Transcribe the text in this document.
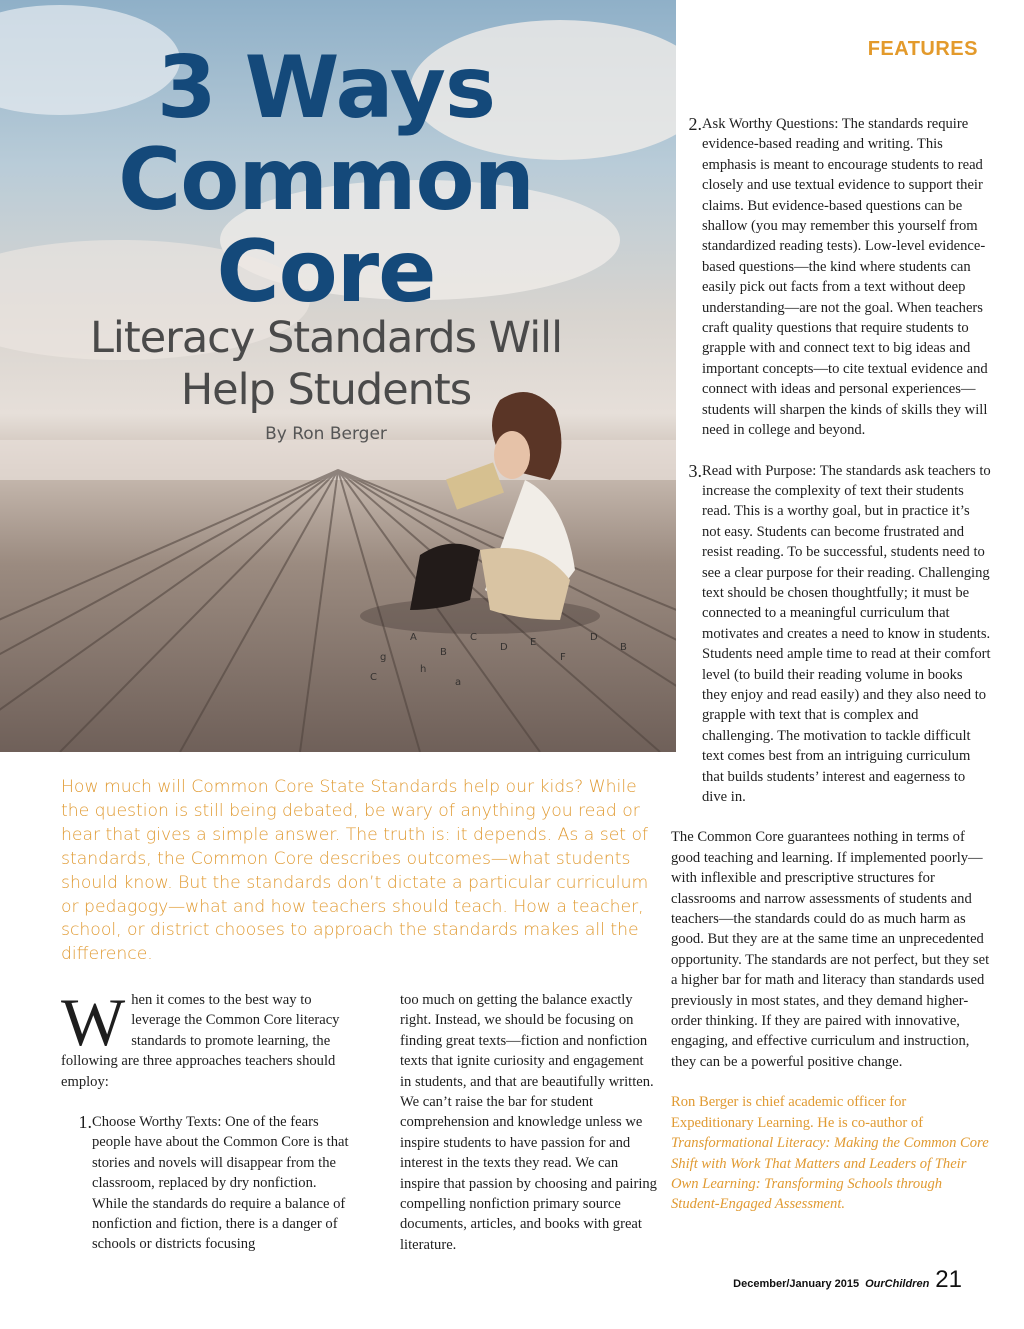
A
B
C
D E
F
g
h
a
D
B
C
3 Ways
Common
Core
Literacy Standards Will
Help Students
By Ron Berger
FEATURES
How much will Common Core State Standards help our kids? While the question is still being debated, be wary of anything you read or hear that gives a simple answer. The truth is: it depends. As a set of standards, the Common Core describes outcomes—what students should know. But the standards don’t dictate a particular curriculum or pedagogy—what and how teachers should teach. How a teacher, school, or district chooses to approach the standards makes all the difference.

When it comes to the best way to leverage the Common Core literacy standards to promote learning, the following are three approaches teachers should employ:

1. Choose Worthy Texts: One of the fears people have about the Common Core is that stories and novels will disappear from the classroom, replaced by dry nonfiction. While the standards do require a balance of nonfiction and fiction, there is a danger of schools or districts focusing

too much on getting the balance exactly right. Instead, we should be focusing on finding great texts—fiction and nonfiction texts that ignite curiosity and engagement in students, and that are beautifully written. We can’t raise the bar for student comprehension and knowledge unless we inspire students to have passion for and interest in the texts they read. We can inspire that passion by choosing and pairing compelling nonfiction primary source documents, articles, and books with great literature.

2. Ask Worthy Questions: The standards require evidence-based reading and writing. This emphasis is meant to encourage students to read closely and use textual evidence to support their claims. But evidence-based questions can be shallow (you may remember this yourself from standardized reading tests). Low-level evidence-based questions—the kind where students can easily pick out facts from a text without deep understanding—are not the goal. When teachers craft quality questions that require students to grapple with and connect text to big ideas and important concepts—to cite textual evidence and connect with ideas and personal experiences—students will sharpen the kinds of skills they will need in college and beyond.
3. Read with Purpose: The standards ask teachers to increase the complexity of text their students read. This is a worthy goal, but in practice it’s not easy. Students can become frustrated and resist reading. To be successful, students need to see a clear purpose for their reading. Challenging text should be chosen thoughtfully; it must be connected to a meaningful curriculum that motivates and creates a need to know in students. Students need ample time to read at their comfort level (to build their reading volume in books they enjoy and read easily) and they also need to grapple with text that is complex and challenging. The motivation to tackle difficult text comes best from an intriguing curriculum that builds students’ interest and eagerness to dive in.

The Common Core guarantees nothing in terms of good teaching and learning. If implemented poorly—with inflexible and prescriptive structures for classrooms and narrow assessments of students and teachers—the standards could do as much harm as good. But they are at the same time an unprecedented opportunity. The standards are not perfect, but they set a higher bar for math and literacy than standards used previously in most states, and they demand higher-order thinking. If they are paired with innovative, engaging, and effective curriculum and instruction, they can be a powerful positive change.

Ron Berger is chief academic officer for Expeditionary Learning. He is co-author of Transformational Literacy: Making the Common Core Shift with Work That Matters and Leaders of Their Own Learning: Transforming Schools through Student-Engaged Assessment.

December/January 2015 OurChildren 21
